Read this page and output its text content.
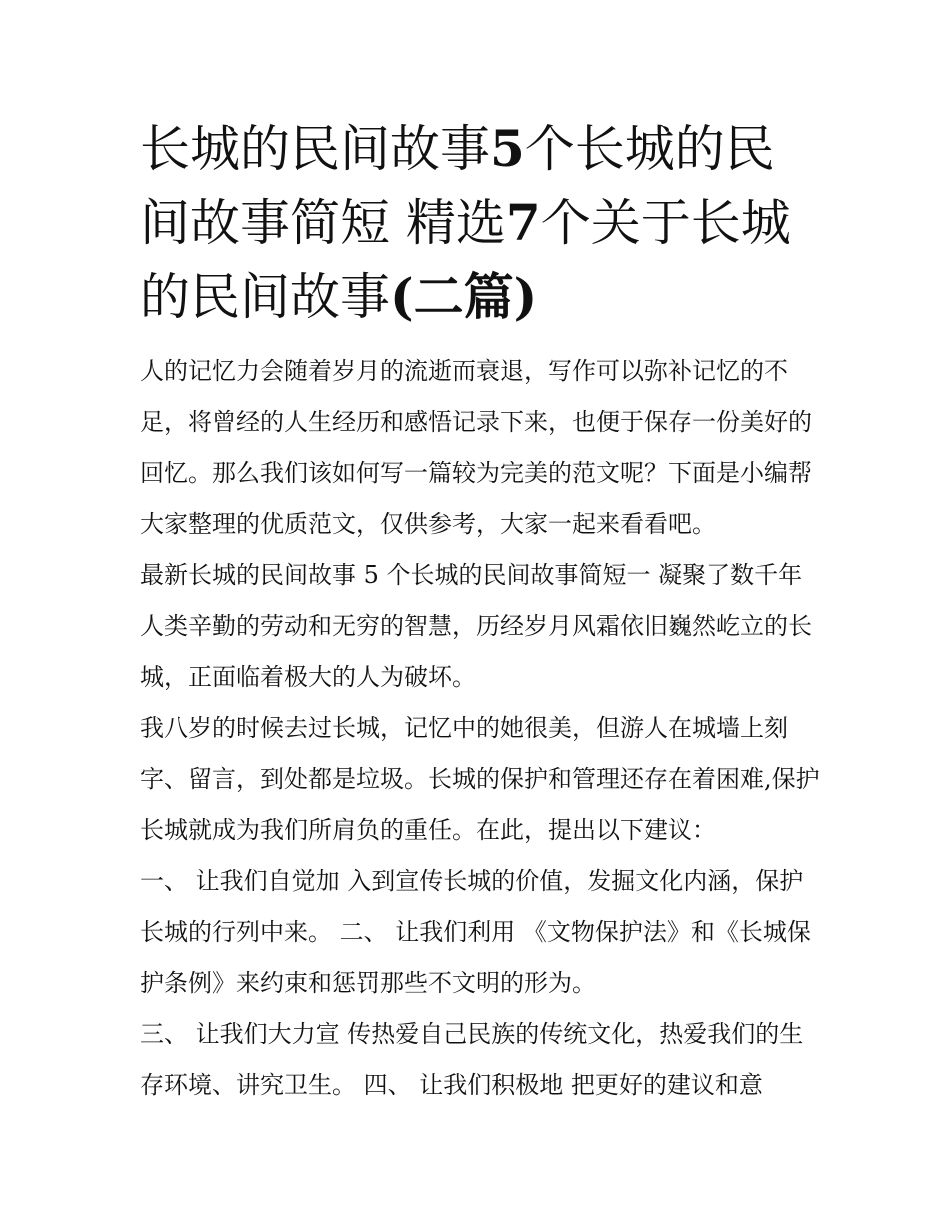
长城的民间故事5个长城的民间故事简短 精选7个关于长城的民间故事(二篇)

人的记忆力会随着岁月的流逝而衰退，写作可以弥补记忆的不足，将曾经的人生经历和感悟记录下来，也便于保存一份美好的回忆。那么我们该如何写一篇较为完美的范文呢？下面是小编帮大家整理的优质范文，仅供参考，大家一起来看看吧。

最新长城的民间故事 5 个长城的民间故事简短一 凝聚了数千年人类辛勤的劳动和无穷的智慧，历经岁月风霜依旧巍然屹立的长城，正面临着极大的人为破坏。

我八岁的时候去过长城，记忆中的她很美，但游人在城墙上刻字、留言，到处都是垃圾。长城的保护和管理还存在着困难,保护长城就成为我们所肩负的重任。在此，提出以下建议：

一、 让我们自觉加 入到宣传长城的价值，发掘文化内涵，保护长城的行列中来。 二、 让我们利用 《文物保护法》和《长城保护条例》来约束和惩罚那些不文明的形为。

三、 让我们大力宣 传热爱自己民族的传统文化，热爱我们的生存环境、讲究卫生。 四、 让我们积极地 把更好的建议和意
